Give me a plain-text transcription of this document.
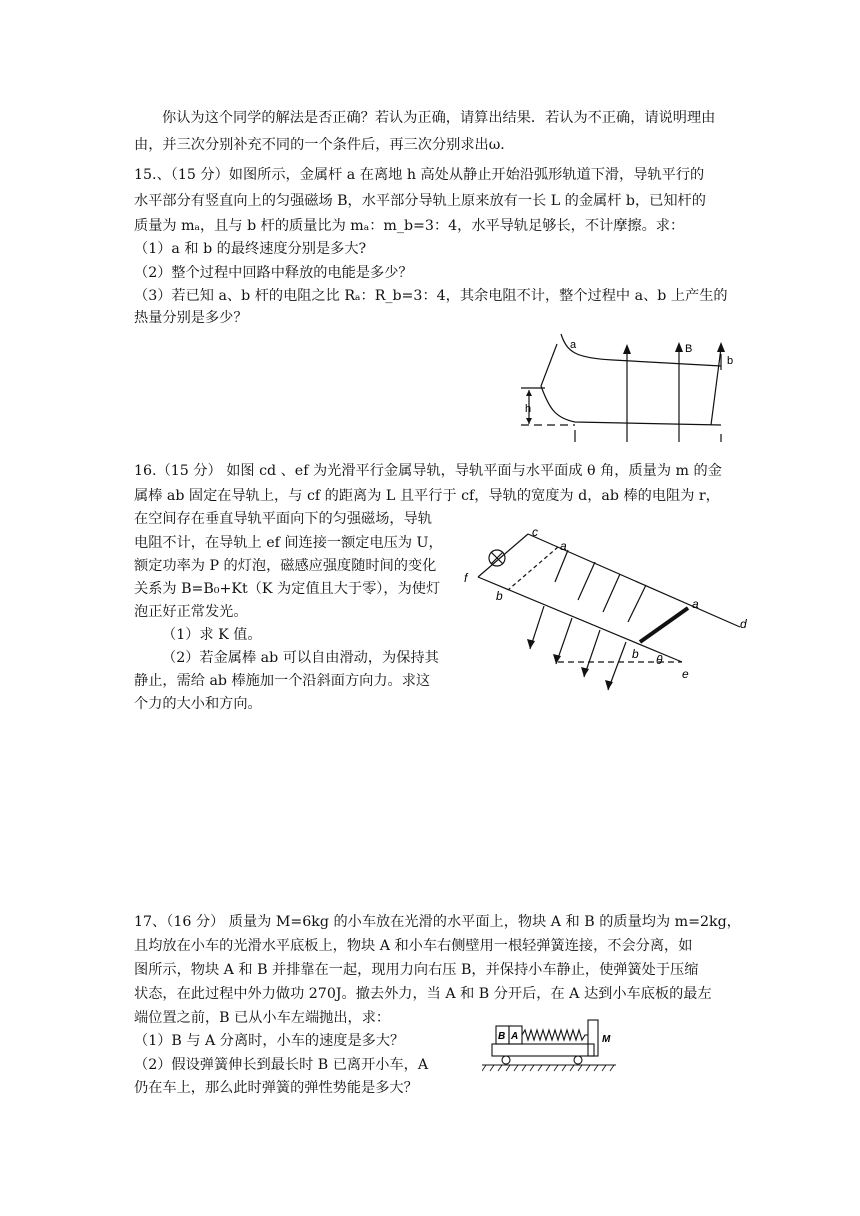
你认为这个同学的解法是否正确？若认为正确，请算出结果．若认为不正确，请说明理由
由，并三次分别补充不同的一个条件后，再三次分别求出ω．
15.、（15 分）如图所示，金属杆 a 在离地 h 高处从静止开始沿弧形轨道下滑，导轨平行的
水平部分有竖直向上的匀强磁场 B，水平部分导轨上原来放有一长 L 的金属杆 b，已知杆的
质量为 mₐ，且与 b 杆的质量比为 mₐ：m_b=3：4，水平导轨足够长，不计摩擦。求：
（1）a 和 b 的最终速度分别是多大?
（2）整个过程中回路中释放的电能是多少？
（3）若已知 a、b 杆的电阻之比 Rₐ：R_b=3：4，其余电阻不计，整个过程中 a、b 上产生的
热量分别是多少？
a	B
b
h
16.（15 分） 如图 cd 、ef 为光滑平行金属导轨，导轨平面与水平面成 θ 角，质量为 m 的金
属棒 ab 固定在导轨上，与 cf 的距离为 L 且平行于 cf，导轨的宽度为 d，ab 棒的电阻为 r，
在空间存在垂直导轨平面向下的匀强磁场，导轨
电阻不计，在导轨上 ef 间连接一额定电压为 U，
额定功率为 P 的灯泡，磁感应强度随时间的变化
关系为 B=B₀+Kt（K 为定值且大于零），为使灯
泡正好正常发光。
（1）求 K 值。
（2）若金属棒 ab 可以自由滑动，为保持其
静止，需给 ab 棒施加一个沿斜面方向力。求这
个力的大小和方向。
c
a
f
b
a
d
b θ
e
17、（16 分） 质量为 M=6kg 的小车放在光滑的水平面上，物块 A 和 B 的质量均为 m=2kg，
且均放在小车的光滑水平底板上，物块 A 和小车右侧壁用一根轻弹簧连接，不会分离，如
图所示，物块 A 和 B 并排靠在一起，现用力向右压 B，并保持小车静止，使弹簧处于压缩
状态，在此过程中外力做功 270J。撤去外力，当 A 和 B 分开后，在 A 达到小车底板的最左
端位置之前，B 已从小车左端抛出，求：
（1）B 与 A 分离时，小车的速度是多大？
（2）假设弹簧伸长到最长时 B 已离开小车，A
仍在车上，那么此时弹簧的弹性势能是多大？
B A	M
